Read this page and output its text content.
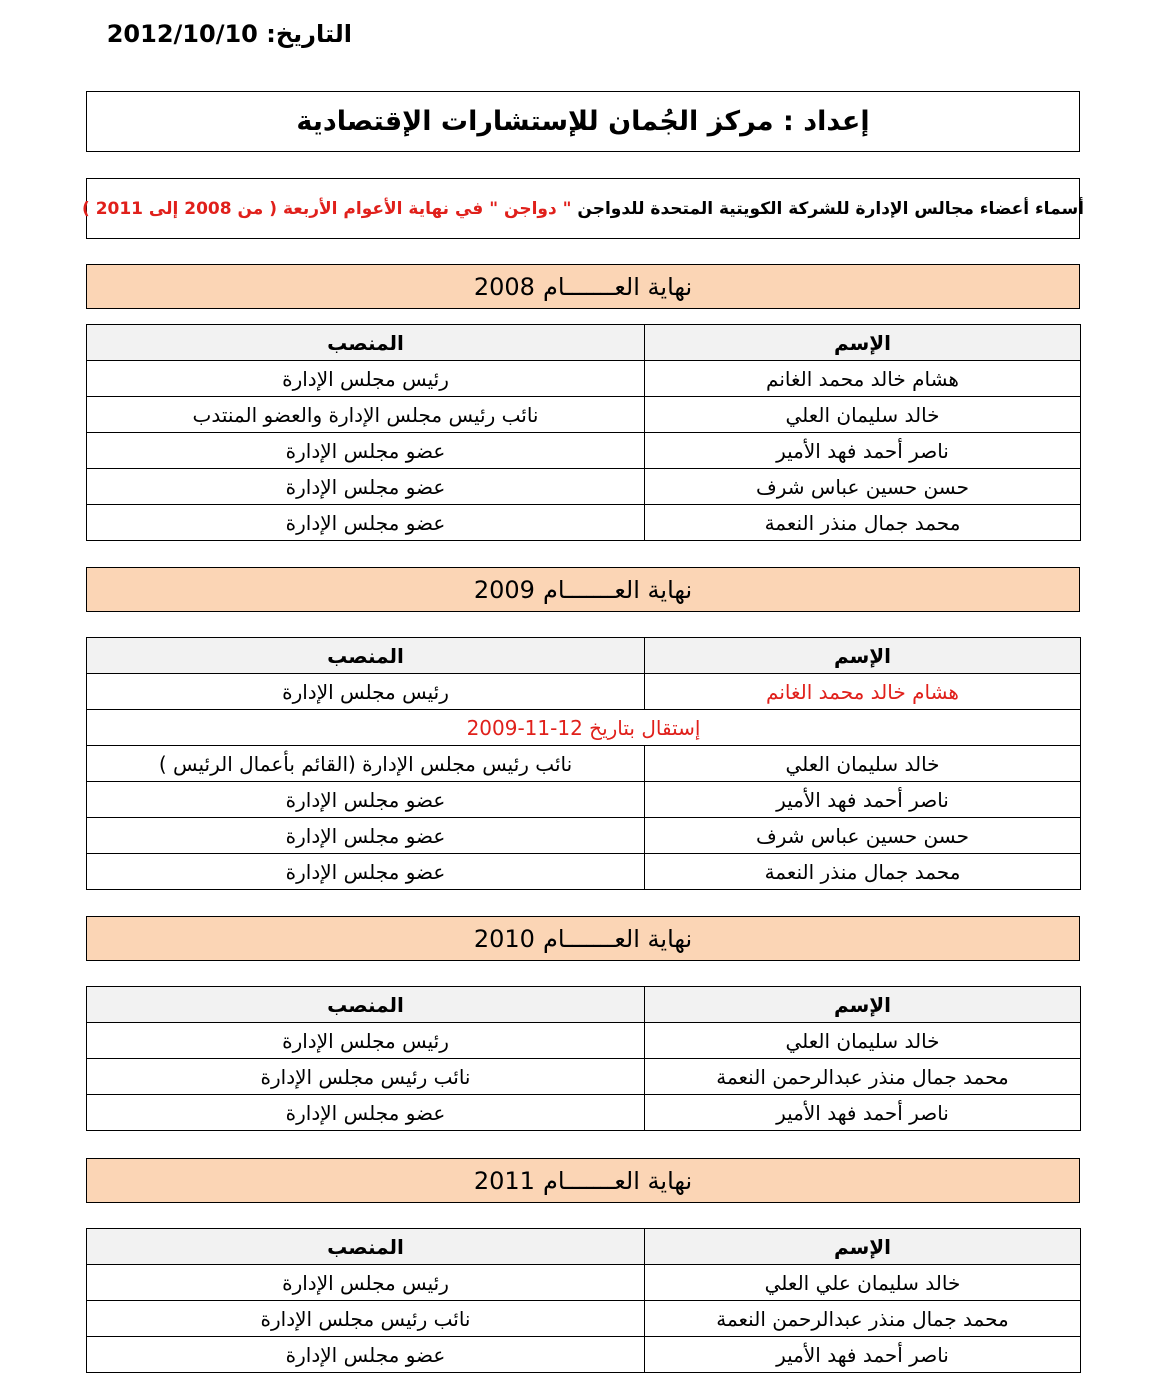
التاريخ: 2012/10/10
إعداد : مركز الجُمان للإستشارات الإقتصادية
أسماء أعضاء مجالس الإدارة للشركة الكويتية المتحدة للدواجن

" دواجن "

في نهاية الأعوام الأربعة ( من 2008 إلى 2011 )
نهاية العـــــــام
2008
الإسم	المنصب
هشام خالد محمد الغانم	رئيس مجلس الإدارة
خالد سليمان العلي	نائب رئيس مجلس الإدارة والعضو المنتدب
ناصر أحمد فهد الأمير	عضو مجلس الإدارة
حسن حسين عباس شرف	عضو مجلس الإدارة
محمد جمال منذر النعمة	عضو مجلس الإدارة
نهاية العـــــــام
2009
الإسم	المنصب
هشام خالد محمد الغانم	رئيس مجلس الإدارة
إستقال بتاريخ 2009-11-12	
خالد سليمان العلي	نائب رئيس مجلس الإدارة (القائم بأعمال الرئيس )
ناصر أحمد فهد الأمير	عضو مجلس الإدارة
حسن حسين عباس شرف	عضو مجلس الإدارة
محمد جمال منذر النعمة	عضو مجلس الإدارة
نهاية العـــــــام
2010
الإسم	المنصب
خالد سليمان العلي	رئيس مجلس الإدارة
محمد جمال منذر عبدالرحمن النعمة	نائب رئيس مجلس الإدارة
ناصر أحمد فهد الأمير	عضو مجلس الإدارة
نهاية العـــــــام
2011
الإسم	المنصب
خالد سليمان علي العلي	رئيس مجلس الإدارة
محمد جمال منذر عبدالرحمن النعمة	نائب رئيس مجلس الإدارة
ناصر أحمد فهد الأمير	عضو مجلس الإدارة
